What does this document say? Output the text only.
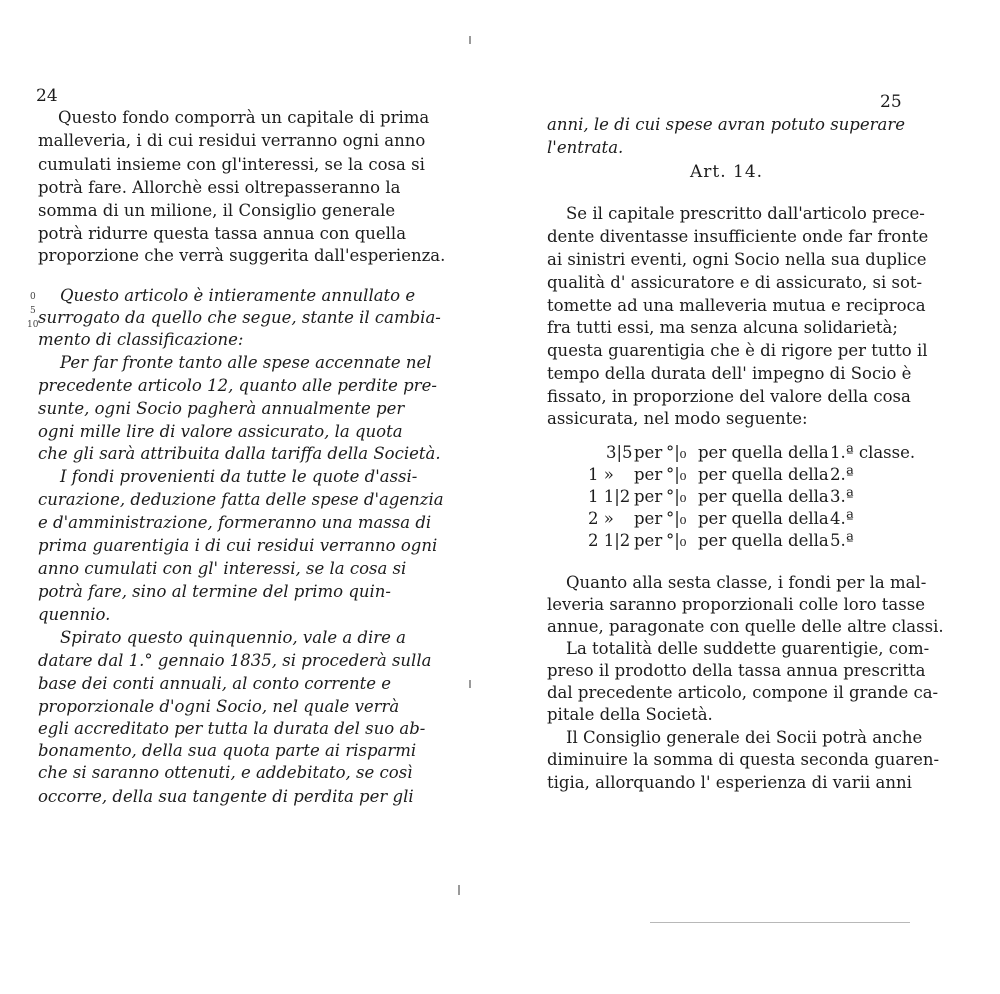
24
0
5
10
Questo fondo comporrà un capitale di prima
malleveria, i di cui residui verranno ogni anno
cumulati insieme con gl'interessi, se la cosa si
potrà fare. Allorchè essi oltrepasseranno la
somma di un milione, il Consiglio generale
potrà ridurre questa tassa annua con quella
proporzione che verrà suggerita dall'esperienza.
Questo articolo è intieramente annullato e
surrogato da quello che segue, stante il cambia-
mento di classificazione:
Per far fronte tanto alle spese accennate nel
precedente articolo 12, quanto alle perdite pre-
sunte, ogni Socio pagherà annualmente per
ogni mille lire di valore assicurato, la quota
che gli sarà attribuita dalla tariffa della Società.
I fondi provenienti da tutte le quote d'assi-
curazione, deduzione fatta delle spese d'agenzia
e d'amministrazione, formeranno una massa di
prima guarentigia i di cui residui verranno ogni
anno cumulati con gl' interessi, se la cosa si
potrà fare, sino al termine del primo quin-
quennio.
Spirato questo quinquennio, vale a dire a
datare dal 1.° gennaio 1835, si procederà sulla
base dei conti annuali, al conto corrente e
proporzionale d'ogni Socio, nel quale verrà
egli accreditato per tutta la durata del suo ab-
bonamento, della sua quota parte ai risparmi
che si saranno ottenuti, e addebitato, se così
occorre, della sua tangente di perdita per gli
25
anni, le di cui spese avran potuto superare
l'entrata.
Art. 14.
Se il capitale prescritto dall'articolo prece-
dente diventasse insufficiente onde far fronte
ai sinistri eventi, ogni Socio nella sua duplice
qualità d' assicuratore e di assicurato, si sot-
tomette ad una malleveria mutua e reciproca
fra tutti essi, ma senza alcuna solidarietà;
questa guarentigia che è di rigore per tutto il
tempo della durata dell' impegno di Socio è
fissato, in proporzione del valore della cosa
assicurata, nel modo seguente:
3|5 per °|₀ per quella della 1.ª classe.
1 » per °|₀ per quella della 2.ª
1 1|2 per °|₀ per quella della 3.ª
2 » per °|₀ per quella della 4.ª
2 1|2 per °|₀ per quella della 5.ª
Quanto alla sesta classe, i fondi per la mal-
leveria saranno proporzionali colle loro tasse
annue, paragonate con quelle delle altre classi.
La totalità delle suddette guarentigie, com-
preso il prodotto della tassa annua prescritta
dal precedente articolo, compone il grande ca-
pitale della Società.
Il Consiglio generale dei Socii potrà anche
diminuire la somma di questa seconda guaren-
tigia, allorquando l' esperienza di varii anni
